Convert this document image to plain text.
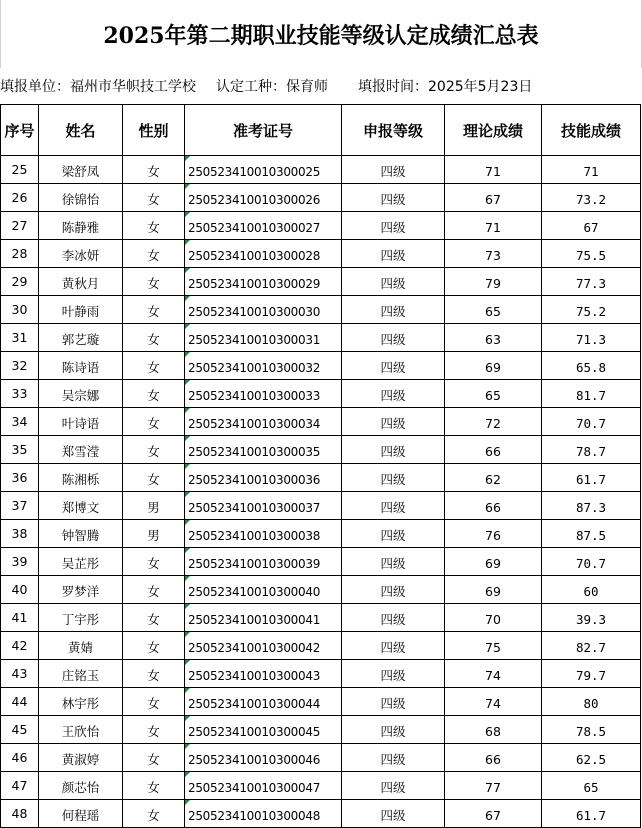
2025年第二期职业技能等级认定成绩汇总表
填报单位：福州市华帜技工学校 认定工种：保育师 填报时间：2025年5月23日
序号	姓名	性别	准考证号	申报等级	理论成绩	技能成绩
25	梁舒凤	女	250523410010300025	四级	71	71
26	徐锦怡	女	250523410010300026	四级	67	73.2
27	陈静雅	女	250523410010300027	四级	71	67
28	李冰妍	女	250523410010300028	四级	73	75.5
29	黄秋月	女	250523410010300029	四级	79	77.3
30	叶静雨	女	250523410010300030	四级	65	75.2
31	郭艺璇	女	250523410010300031	四级	63	71.3
32	陈诗语	女	250523410010300032	四级	69	65.8
33	吴宗娜	女	250523410010300033	四级	65	81.7
34	叶诗语	女	250523410010300034	四级	72	70.7
35	郑雪滢	女	250523410010300035	四级	66	78.7
36	陈湘栎	女	250523410010300036	四级	62	61.7
37	郑博文	男	250523410010300037	四级	66	87.3
38	钟智腾	男	250523410010300038	四级	76	87.5
39	吴芷彤	女	250523410010300039	四级	69	70.7
40	罗梦洋	女	250523410010300040	四级	69	60
41	丁宇彤	女	250523410010300041	四级	70	39.3
42	黄婧	女	250523410010300042	四级	75	82.7
43	庄铭玉	女	250523410010300043	四级	74	79.7
44	林宇彤	女	250523410010300044	四级	74	80
45	王欣怡	女	250523410010300045	四级	68	78.5
46	黄淑婷	女	250523410010300046	四级	66	62.5
47	颜芯怡	女	250523410010300047	四级	77	65
48	何程瑶	女	250523410010300048	四级	67	61.7
